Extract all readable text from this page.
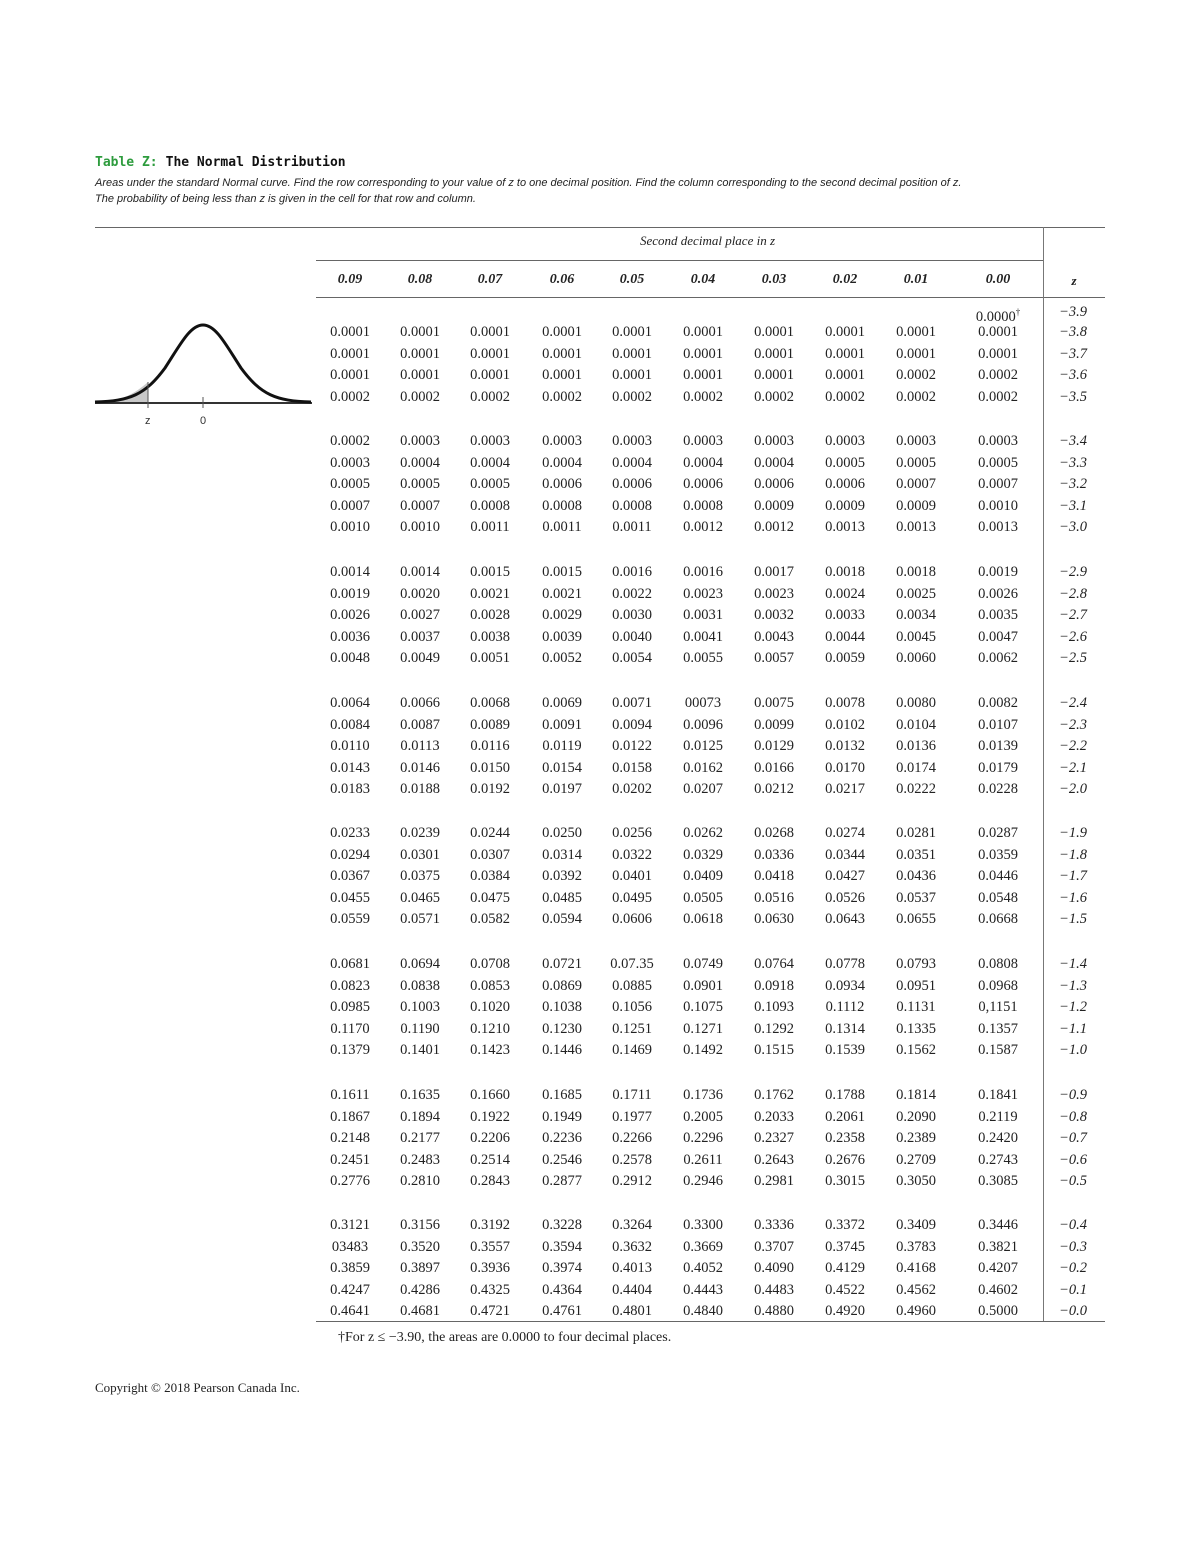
Table Z: The Normal Distribution
Areas under the standard Normal curve. Find the row corresponding to your value of z to one decimal position. Find the column corresponding to the second decimal position of z.
The probability of being less than z is given in the cell for that row and column.
z	0
Second decimal place in z
0.09	0.08	0.07	0.06	0.05	0.04	0.03	0.02	0.01	0.00	z
0.0000†	−3.9
0.0001	0.0001	0.0001	0.0001	0.0001	0.0001	0.0001	0.0001	0.0001	0.0001	−3.8
0.0001	0.0001	0.0001	0.0001	0.0001	0.0001	0.0001	0.0001	0.0001	0.0001	−3.7
0.0001	0.0001	0.0001	0.0001	0.0001	0.0001	0.0001	0.0001	0.0002	0.0002	−3.6
0.0002	0.0002	0.0002	0.0002	0.0002	0.0002	0.0002	0.0002	0.0002	0.0002	−3.5
0.0002	0.0003	0.0003	0.0003	0.0003	0.0003	0.0003	0.0003	0.0003	0.0003	−3.4
0.0003	0.0004	0.0004	0.0004	0.0004	0.0004	0.0004	0.0005	0.0005	0.0005	−3.3
0.0005	0.0005	0.0005	0.0006	0.0006	0.0006	0.0006	0.0006	0.0007	0.0007	−3.2
0.0007	0.0007	0.0008	0.0008	0.0008	0.0008	0.0009	0.0009	0.0009	0.0010	−3.1
0.0010	0.0010	0.0011	0.0011	0.0011	0.0012	0.0012	0.0013	0.0013	0.0013	−3.0
0.0014	0.0014	0.0015	0.0015	0.0016	0.0016	0.0017	0.0018	0.0018	0.0019	−2.9
0.0019	0.0020	0.0021	0.0021	0.0022	0.0023	0.0023	0.0024	0.0025	0.0026	−2.8
0.0026	0.0027	0.0028	0.0029	0.0030	0.0031	0.0032	0.0033	0.0034	0.0035	−2.7
0.0036	0.0037	0.0038	0.0039	0.0040	0.0041	0.0043	0.0044	0.0045	0.0047	−2.6
0.0048	0.0049	0.0051	0.0052	0.0054	0.0055	0.0057	0.0059	0.0060	0.0062	−2.5
0.0064	0.0066	0.0068	0.0069	0.0071	00073	0.0075	0.0078	0.0080	0.0082	−2.4
0.0084	0.0087	0.0089	0.0091	0.0094	0.0096	0.0099	0.0102	0.0104	0.0107	−2.3
0.0110	0.0113	0.0116	0.0119	0.0122	0.0125	0.0129	0.0132	0.0136	0.0139	−2.2
0.0143	0.0146	0.0150	0.0154	0.0158	0.0162	0.0166	0.0170	0.0174	0.0179	−2.1
0.0183	0.0188	0.0192	0.0197	0.0202	0.0207	0.0212	0.0217	0.0222	0.0228	−2.0
0.0233	0.0239	0.0244	0.0250	0.0256	0.0262	0.0268	0.0274	0.0281	0.0287	−1.9
0.0294	0.0301	0.0307	0.0314	0.0322	0.0329	0.0336	0.0344	0.0351	0.0359	−1.8
0.0367	0.0375	0.0384	0.0392	0.0401	0.0409	0.0418	0.0427	0.0436	0.0446	−1.7
0.0455	0.0465	0.0475	0.0485	0.0495	0.0505	0.0516	0.0526	0.0537	0.0548	−1.6
0.0559	0.0571	0.0582	0.0594	0.0606	0.0618	0.0630	0.0643	0.0655	0.0668	−1.5
0.0681	0.0694	0.0708	0.0721	0.07.35	0.0749	0.0764	0.0778	0.0793	0.0808	−1.4
0.0823	0.0838	0.0853	0.0869	0.0885	0.0901	0.0918	0.0934	0.0951	0.0968	−1.3
0.0985	0.1003	0.1020	0.1038	0.1056	0.1075	0.1093	0.1112	0.1131	0,1151	−1.2
0.1170	0.1190	0.1210	0.1230	0.1251	0.1271	0.1292	0.1314	0.1335	0.1357	−1.1
0.1379	0.1401	0.1423	0.1446	0.1469	0.1492	0.1515	0.1539	0.1562	0.1587	−1.0
0.1611	0.1635	0.1660	0.1685	0.1711	0.1736	0.1762	0.1788	0.1814	0.1841	−0.9
0.1867	0.1894	0.1922	0.1949	0.1977	0.2005	0.2033	0.2061	0.2090	0.2119	−0.8
0.2148	0.2177	0.2206	0.2236	0.2266	0.2296	0.2327	0.2358	0.2389	0.2420	−0.7
0.2451	0.2483	0.2514	0.2546	0.2578	0.2611	0.2643	0.2676	0.2709	0.2743	−0.6
0.2776	0.2810	0.2843	0.2877	0.2912	0.2946	0.2981	0.3015	0.3050	0.3085	−0.5
0.3121	0.3156	0.3192	0.3228	0.3264	0.3300	0.3336	0.3372	0.3409	0.3446	−0.4
03483	0.3520	0.3557	0.3594	0.3632	0.3669	0.3707	0.3745	0.3783	0.3821	−0.3
0.3859	0.3897	0.3936	0.3974	0.4013	0.4052	0.4090	0.4129	0.4168	0.4207	−0.2
0.4247	0.4286	0.4325	0.4364	0.4404	0.4443	0.4483	0.4522	0.4562	0.4602	−0.1
0.4641	0.4681	0.4721	0.4761	0.4801	0.4840	0.4880	0.4920	0.4960	0.5000	−0.0
†For z ≤ −3.90, the areas are 0.0000 to four decimal places.
Copyright © 2018 Pearson Canada Inc.
